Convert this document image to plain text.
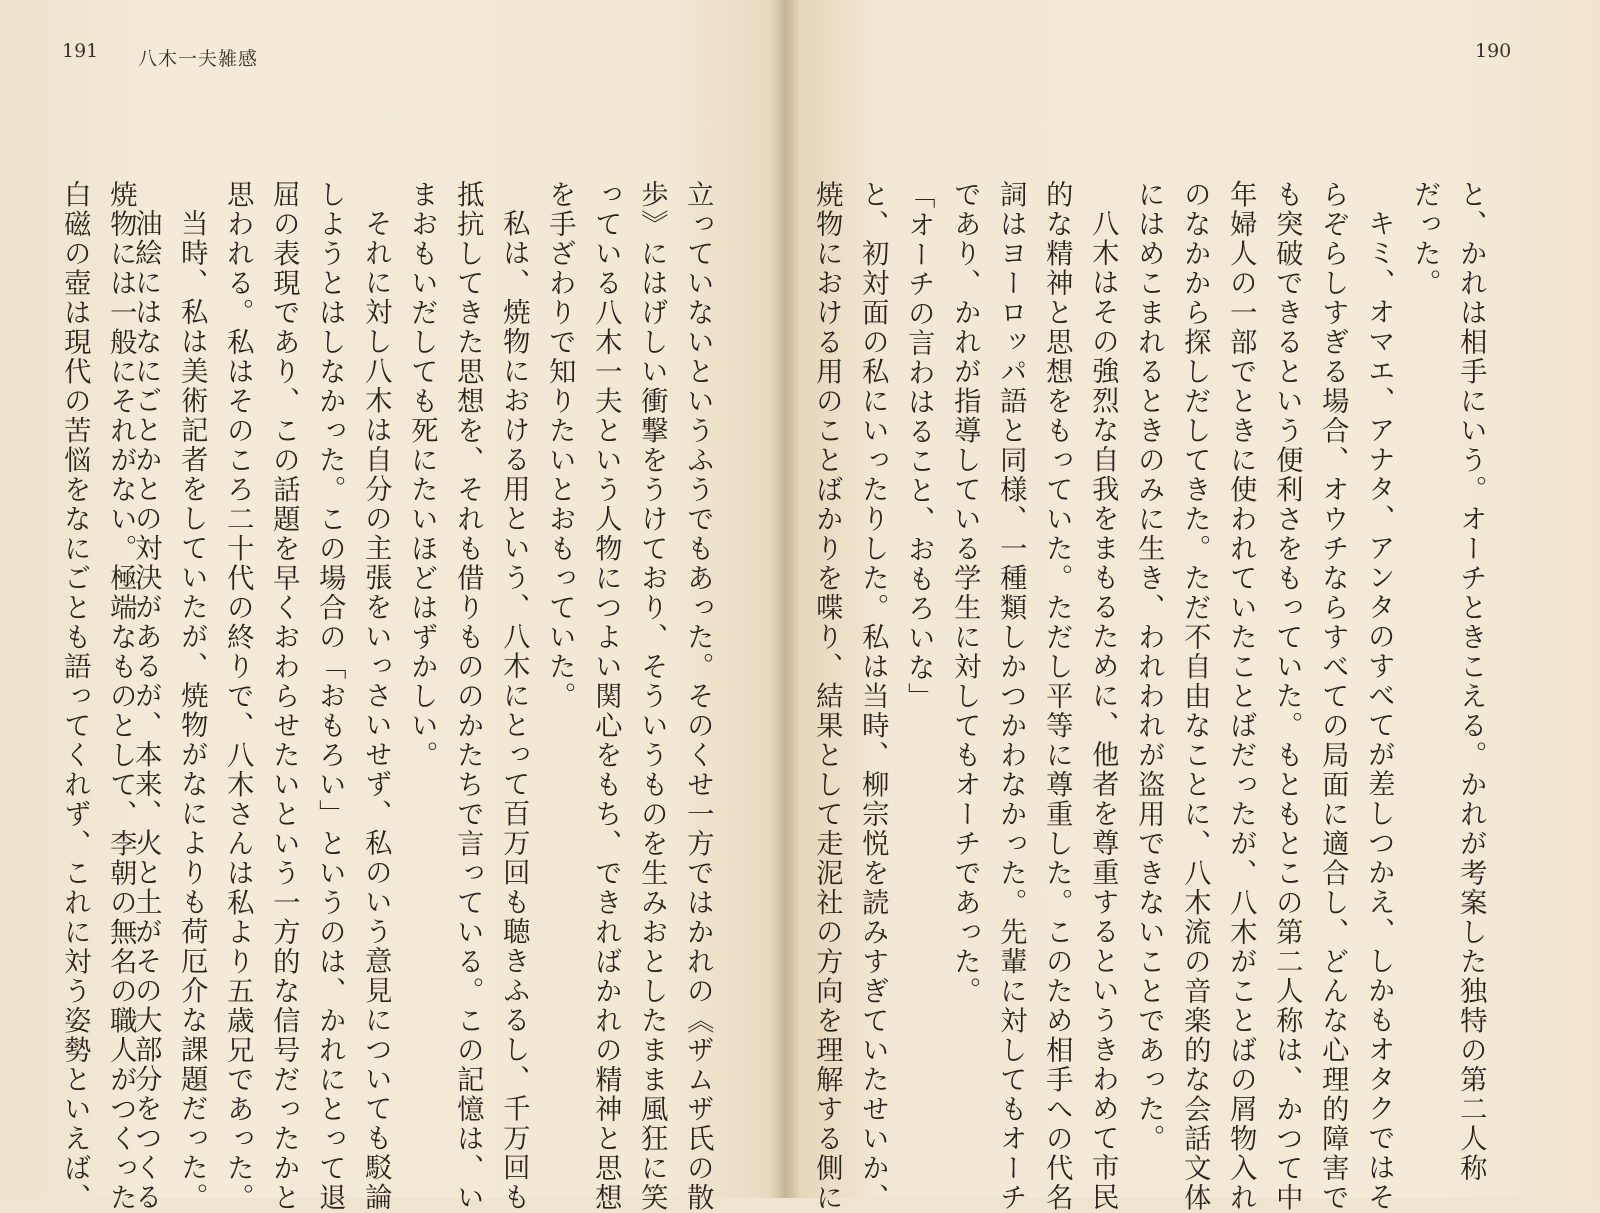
191 八木一夫雑感
立っていないというふうでもあった。そのくせ一方ではかれの《ザムザ氏の散
歩》にはげしい衝撃をうけており、そういうものを生みおとしたまま風狂に笑
っている八木一夫という人物につよい関心をもち、できればかれの精神と思想
を手ざわりで知りたいとおもっていた。
私は、焼物における用という、八木にとって百万回も聴きふるし、千万回も
抵抗してきた思想を、それも借りもののかたちで言っている。この記憶は、い
まおもいだしても死にたいほどはずかしい。
それに対し八木は自分の主張をいっさいせず、私のいう意見についても駁論
しようとはしなかった。この場合の「おもろい」というのは、かれにとって退
屈の表現であり、この話題を早くおわらせたいという一方的な信号だったかと
思われる。私はそのころ二十代の終りで、八木さんは私より五歳兄であった。
当時、私は美術記者をしていたが、焼物がなによりも荷厄介な課題だった。
油絵にはなにごとかとの対決があるが、本来、火と土がその大部分をつくる
焼物には一般にそれがない。極端なものとして、李朝の無名の職人がつくった
白磁の壺は現代の苦悩をなにごとも語ってくれず、これに対う姿勢といえば、
190
と、かれは相手にいう。オーチときこえる。かれが考案した独特の第二人称
だった。
キミ、オマエ、アナタ、アンタのすべてが差しつかえ、しかもオタクではそ
らぞらしすぎる場合、オウチならすべての局面に適合し、どんな心理的障害で
も突破できるという便利さをもっていた。もともとこの第二人称は、かつて中
年婦人の一部でときに使われていたことばだったが、八木がことばの屑物入れ
のなかから探しだしてきた。ただ不自由なことに、八木流の音楽的な会話文体
にはめこまれるときのみに生き、われわれが盗用できないことであった。
八木はその強烈な自我をまもるために、他者を尊重するというきわめて市民
的な精神と思想をもっていた。ただし平等に尊重した。このため相手への代名
詞はヨーロッパ語と同様、一種類しかつかわなかった。先輩に対してもオーチ
であり、かれが指導している学生に対してもオーチであった。
「オーチの言わはること、おもろいな」
と、初対面の私にいったりした。私は当時、柳宗悦を読みすぎていたせいか、
焼物における用のことばかりを喋り、結果として走泥社の方向を理解する側に
